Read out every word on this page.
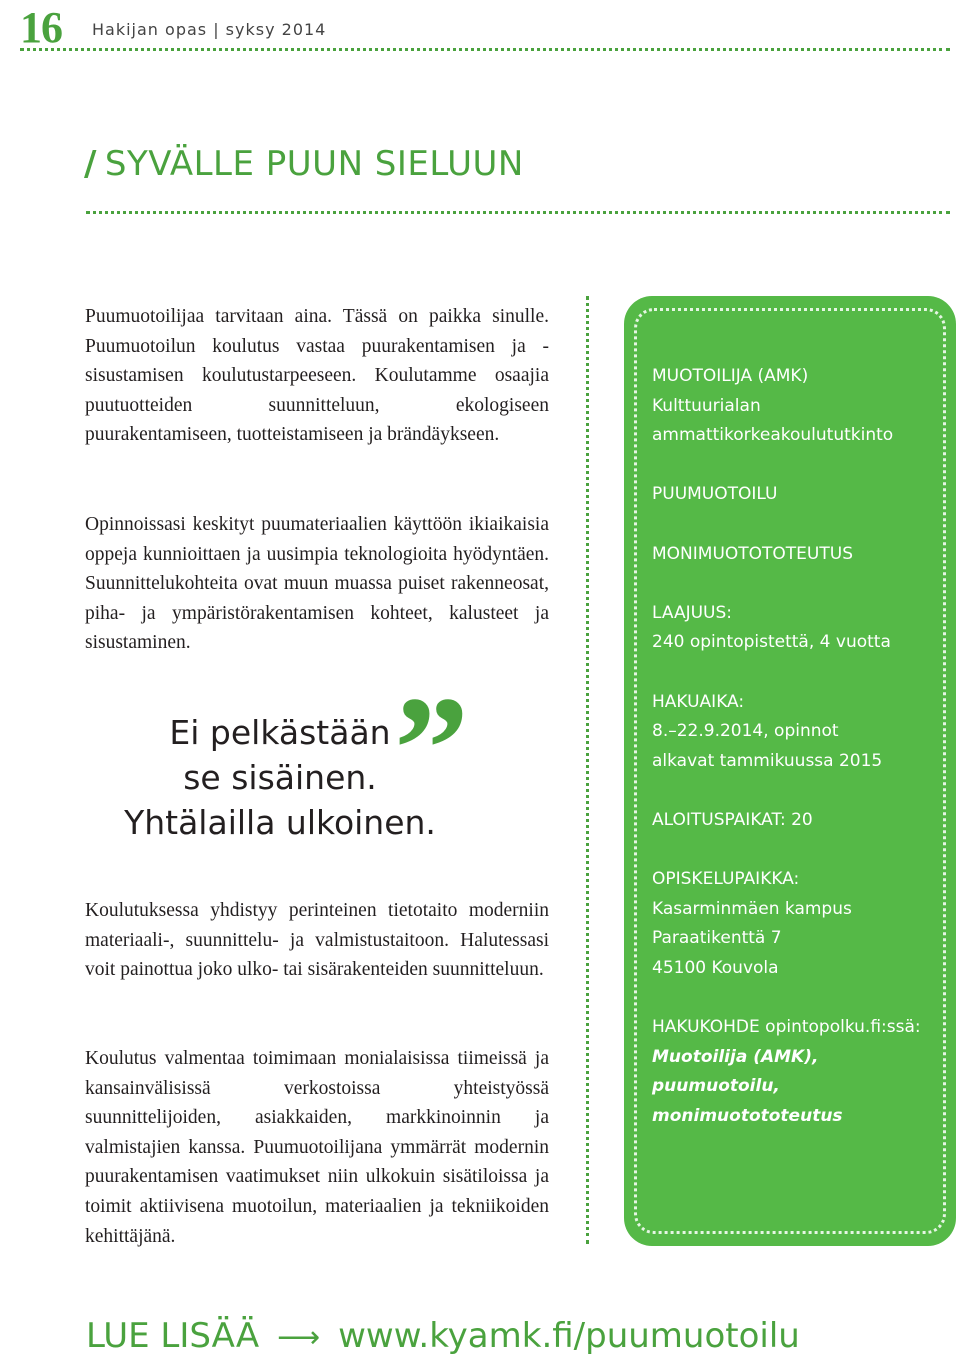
16 Hakijan opas | syksy 2014
/ SYVÄLLE PUUN SIELUUN

Puumuotoilijaa tarvitaan aina. Tässä on paikka sinulle. Puumuotoilun koulutus vastaa puurakentamisen ja -sisustamisen koulutustarpeeseen. Koulutamme osaajia puutuotteiden suunnitteluun, ekologiseen puurakentamiseen, tuotteistamiseen ja brändäykseen.

Opinnoissasi keskityt puumateriaalien käyttöön ikiaikaisia oppeja kunnioittaen ja uusimpia teknologioita hyödyntäen. Suunnittelukohteita ovat muun muassa puiset rakenneosat, piha- ja ympäristörakentamisen kohteet, kalusteet ja sisustaminen.

”
Ei pelkästään
se sisäinen.
Yhtälailla ulkoinen.

Koulutuksessa yhdistyy perinteinen tietotaito moderniin materiaali-, suunnittelu- ja valmistustaitoon. Halutessasi voit painottua joko ulko- tai sisärakenteiden suunnitteluun.

Koulutus valmentaa toimimaan monialaisissa tiimeissä ja kansainvälisissä verkostoissa yhteistyössä suunnittelijoiden, asiakkaiden, markkinoinnin ja valmistajien kanssa. Puumuotoilijana ymmärrät modernin puurakentamisen vaatimukset niin ulkokuin sisätiloissa ja toimit aktiivisena muotoilun, materiaalien ja tekniikoiden kehittäjänä.

MUOTOILIJA (AMK)
Kulttuurialan
ammattikorkeakoulututkinto
PUUMUOTOILU
MONIMUOTOTOTEUTUS
LAAJUUS:
240 opintopistettä, 4 vuotta
HAKUAIKA:
8.–22.9.2014, opinnot
alkavat tammikuussa 2015
ALOITUSPAIKAT: 20
OPISKELUPAIKKA:
Kasarminmäen kampus
Paraatikenttä 7
45100 Kouvola
HAKUKOHDE opintopolku.fi:ssä:
Muotoilija (AMK),
puumuotoilu,
monimuotototeutus
LUE LISÄÄ ⟶ www.kyamk.fi/puumuotoilu
